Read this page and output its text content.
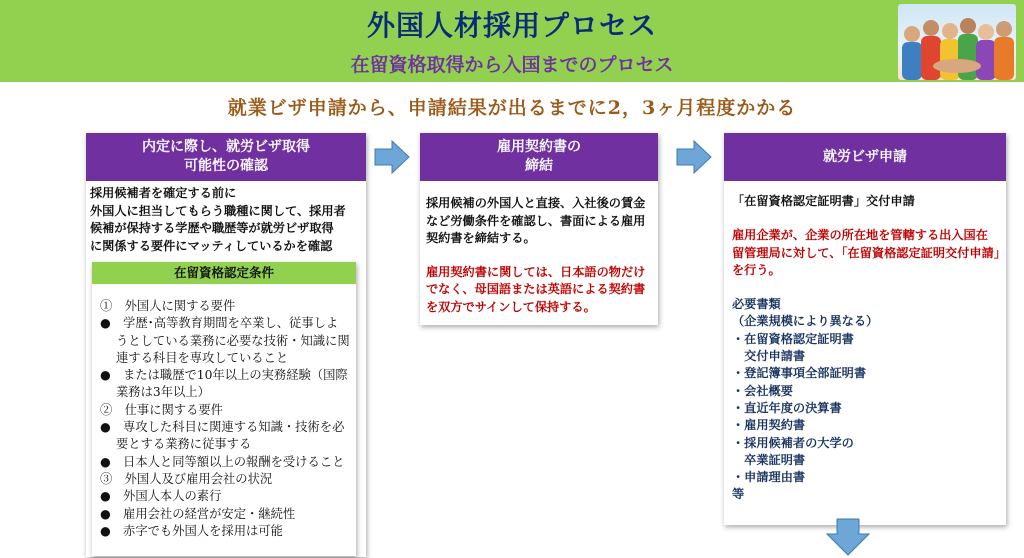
外国人材採用プロセス
在留資格取得から入国までのプロセス
就業ビザ申請から、申請結果が出るまでに2，3ヶ月程度かかる
内定に際し、就労ビザ取得
可能性の確認
採用候補者を確定する前に
外国人に担当してもらう職種に関して、採用者
候補が保持する学歴や職歴等が就労ビザ取得
に関係する要件にマッティしているかを確認
在留資格認定条件
①　外国人に関する要件
●　学歴･高等教育期間を卒業し、従事しようとしている業務に必要な技術・知識に関連する科目を専攻していること
●　または職歴で10年以上の実務経験（国際業務は3年以上）
②　仕事に関する要件
●　専攻した科目に関連する知識・技術を必要とする業務に従事する
●　日本人と同等額以上の報酬を受けること
③　外国人及び雇用会社の状況
●　外国人本人の素行
●　雇用会社の経営が安定・継続性
●　赤字でも外国人を採用は可能
雇用契約書の
締結
採用候補の外国人と直接、入社後の賃金など労働条件を確認し、書面による雇用契約書を締結する。
雇用契約書に関しては、日本語の物だけでなく、母国語または英語による契約書を双方でサインして保持する。
就労ビザ申請
「在留資格認定証明書」交付申請
雇用企業が、企業の所在地を管轄する出入国在留管理局に対して、「在留資格認定証明交付申請」を行う。
必要書類
（企業規模により異なる）
・在留資格認定証明書
　交付申請書
・登記簿事項全部証明書
・会社概要
・直近年度の決算書
・雇用契約書
・採用候補者の大学の
　卒業証明書
・申請理由書
等
